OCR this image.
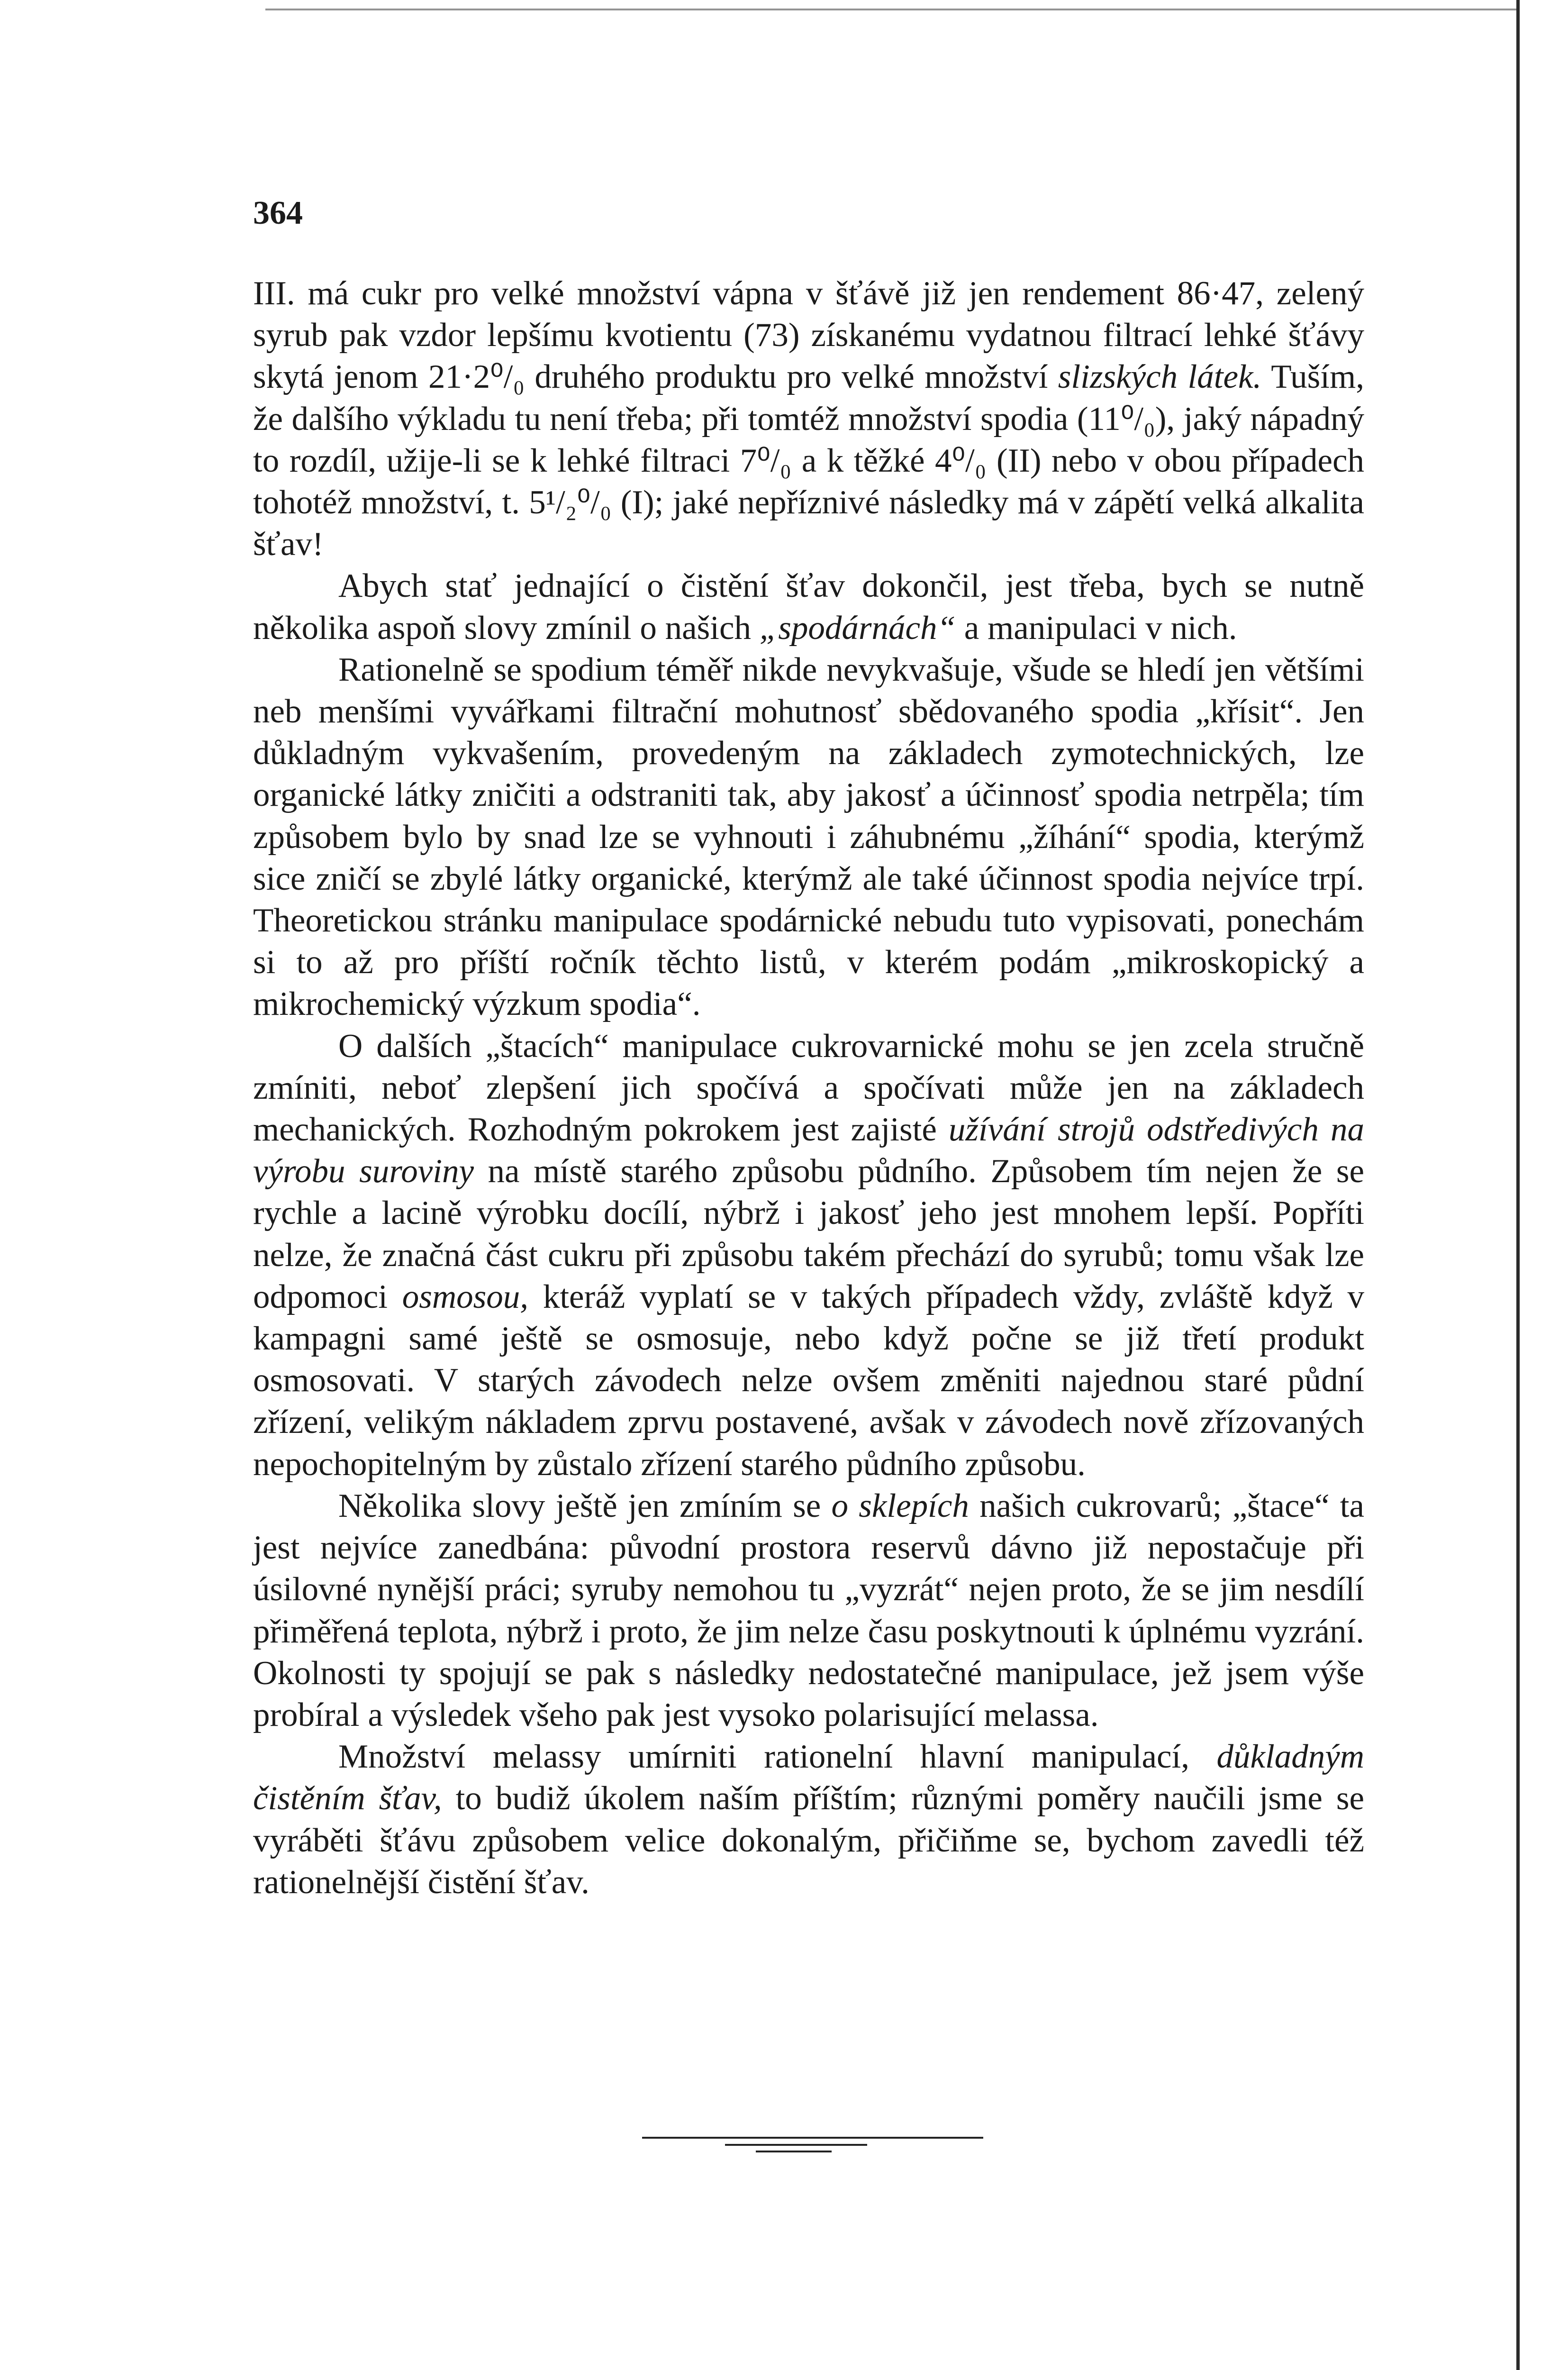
364

III. má cukr pro velké množství vápna v šťávě již jen rendement 86·47, zelený syrub pak vzdor lepšímu kvotientu (73) získanému vydatnou filtrací lehké šťávy skytá jenom 21·2⁰/₀ druhého produktu pro velké množství slizských látek. Tuším, že dalšího výkladu tu není třeba; při tomtéž množství spodia (11⁰/₀), jaký nápadný to rozdíl, užije-li se k lehké filtraci 7⁰/₀ a k těžké 4⁰/₀ (II) nebo v obou případech tohotéž množství, t. 5¹/₂⁰/₀ (I); jaké nepříznivé následky má v zápětí velká alkalita šťav!

Abych stať jednající o čistění šťav dokončil, jest třeba, bych se nutně několika aspoň slovy zmínil o našich „spodárnách“ a manipulaci v nich.

Rationelně se spodium téměř nikde nevykvašuje, všude se hledí jen většími neb menšími vyvářkami filtrační mohutnosť sbědovaného spodia „křísit“. Jen důkladným vykvašením, provedeným na základech zymotechnických, lze organické látky zničiti a odstraniti tak, aby jakosť a účinnosť spodia netrpěla; tím způsobem bylo by snad lze se vyhnouti i záhubnému „žíhání“ spodia, kterýmž sice zničí se zbylé látky organické, kterýmž ale také účinnost spodia nejvíce trpí. Theoretickou stránku manipulace spodárnické nebudu tuto vypisovati, ponechám si to až pro příští ročník těchto listů, v kterém podám „mikroskopický a mikrochemický výzkum spodia“.

O dalších „štacích“ manipulace cukrovarnické mohu se jen zcela stručně zmíniti, neboť zlepšení jich spočívá a spočívati může jen na základech mechanických. Rozhodným pokrokem jest zajisté užívání strojů odstředivých na výrobu suroviny na místě starého způsobu půdního. Způsobem tím nejen že se rychle a lacině výrobku docílí, nýbrž i jakosť jeho jest mnohem lepší. Popříti nelze, že značná část cukru při způsobu takém přechází do syrubů; tomu však lze odpomoci osmosou, kteráž vyplatí se v takých případech vždy, zvláště když v kampagni samé ještě se osmosuje, nebo když počne se již třetí produkt osmosovati. V starých závodech nelze ovšem změniti najednou staré půdní zřízení, velikým nákladem zprvu postavené, avšak v závodech nově zřízovaných nepochopitelným by zůstalo zřízení starého půdního způsobu.

Několika slovy ještě jen zmíním se o sklepích našich cukrovarů; „štace“ ta jest nejvíce zanedbána: původní prostora reservů dávno již nepostačuje při úsilovné nynější práci; syruby nemohou tu „vyzrát“ nejen proto, že se jim nesdílí přiměřená teplota, nýbrž i proto, že jim nelze času poskytnouti k úplnému vyzrání. Okolnosti ty spojují se pak s následky nedostatečné manipulace, jež jsem výše probíral a výsledek všeho pak jest vysoko polarisující melassa.

Množství melassy umírniti rationelní hlavní manipulací, důkladným čistěním šťav, to budiž úkolem naším příštím; různými poměry naučili jsme se vyráběti šťávu způsobem velice dokonalým, přičiňme se, bychom zavedli též rationelnější čistění šťav.
